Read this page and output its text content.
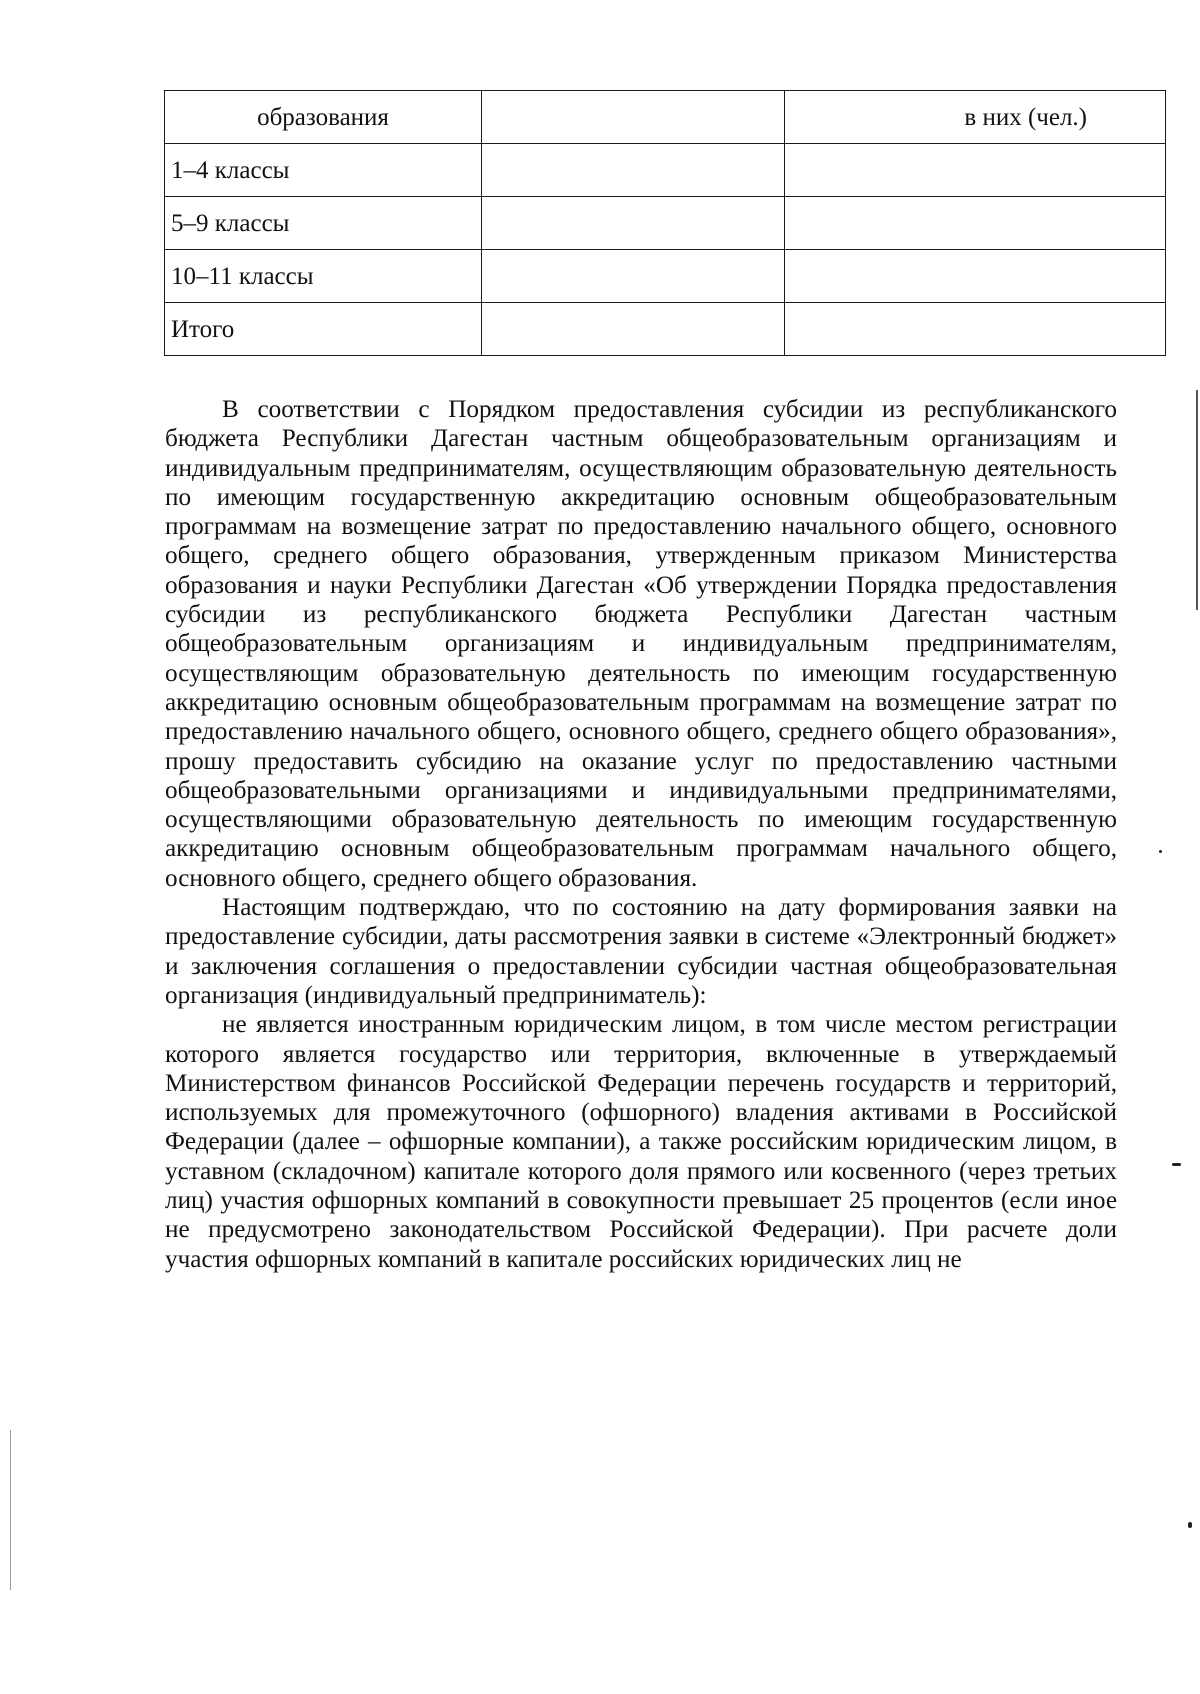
образования		в них (чел.)
1–4 классы		
5–9 классы		
10–11 классы		
Итого		

В соответствии с Порядком предоставления субсидии из республиканского бюджета Республики Дагестан частным общеобразовательным организациям и индивидуальным предпринимателям, осуществляющим образовательную деятельность по имеющим государственную аккредитацию основным общеобразовательным программам на возмещение затрат по предоставлению начального общего, основного общего, среднего общего образования, утвержденным приказом Министерства образования и науки Республики Дагестан «Об утверждении Порядка предоставления субсидии из республиканского бюджета Республики Дагестан частным общеобразовательным организациям и индивидуальным предпринимателям, осуществляющим образовательную деятельность по имеющим государственную аккредитацию основным общеобразовательным программам на возмещение затрат по предоставлению начального общего, основного общего, среднего общего образования», прошу предоставить субсидию на оказание услуг по предоставлению частными общеобразовательными организациями и индивидуальными предпринимателями, осуществляющими образовательную деятельность по имеющим государственную аккредитацию основным общеобразовательным программам начального общего, основного общего, среднего общего образования.

Настоящим подтверждаю, что по состоянию на дату формирования заявки на предоставление субсидии, даты рассмотрения заявки в системе «Электронный бюджет» и заключения соглашения о предоставлении субсидии частная общеобразовательная организация (индивидуальный предприниматель):

не является иностранным юридическим лицом, в том числе местом регистрации которого является государство или территория, включенные в утверждаемый Министерством финансов Российской Федерации перечень государств и территорий, используемых для промежуточного (офшорного) владения активами в Российской Федерации (далее – офшорные компании), а также российским юридическим лицом, в уставном (складочном) капитале которого доля прямого или косвенного (через третьих лиц) участия офшорных компаний в совокупности превышает 25 процентов (если иное не предусмотрено законодательством Российской Федерации). При расчете доли участия офшорных компаний в капитале российских юридических лиц не
